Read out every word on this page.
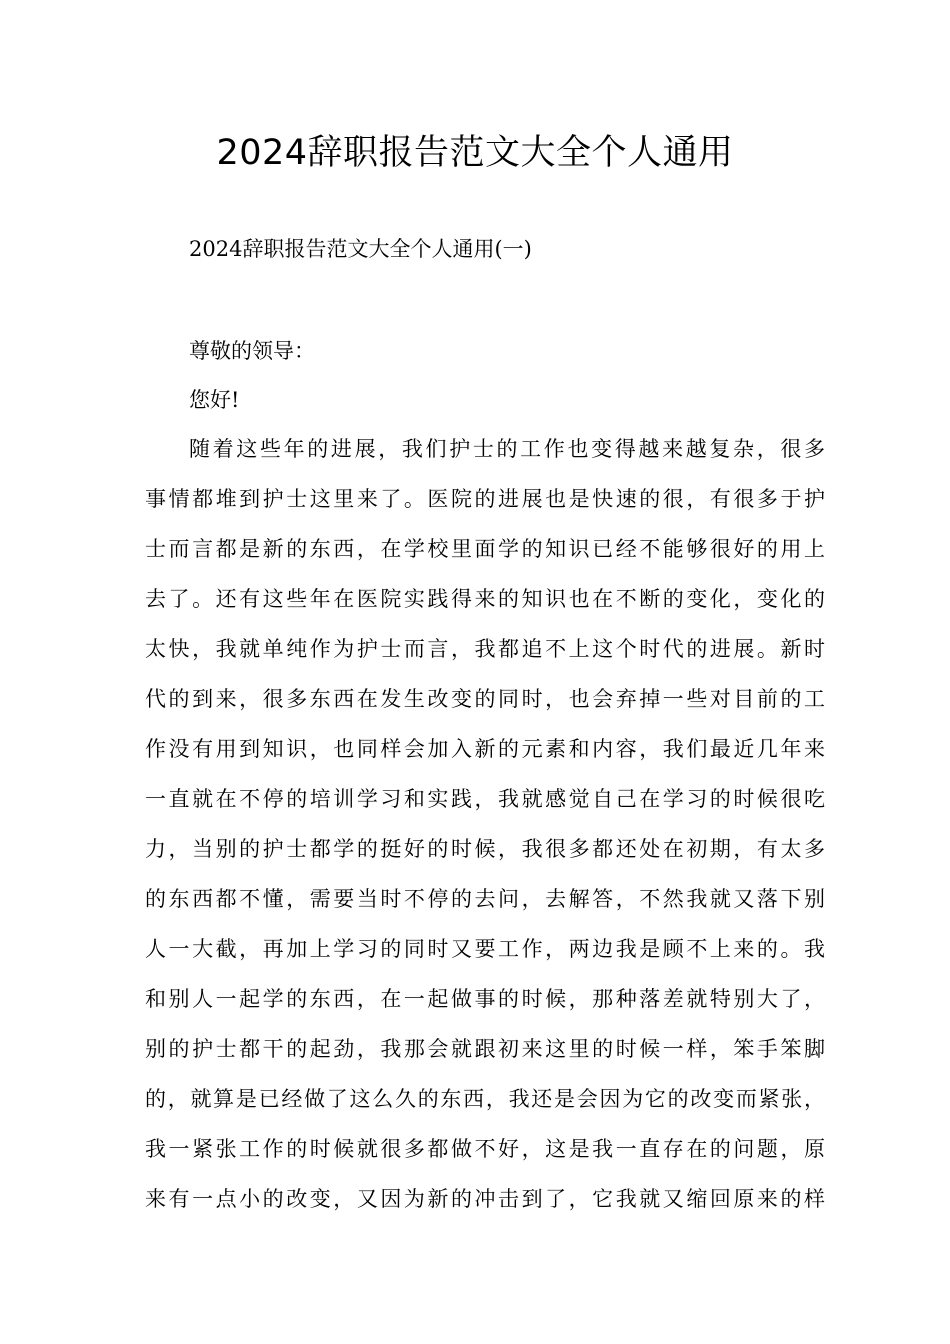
2024辞职报告范文大全个人通用

2024辞职报告范文大全个人通用(一)

尊敬的领导：

您好!

随着这些年的进展，我们护士的工作也变得越来越复杂，很多

事情都堆到护士这里来了。医院的进展也是快速的很，有很多于护

士而言都是新的东西，在学校里面学的知识已经不能够很好的用上

去了。还有这些年在医院实践得来的知识也在不断的变化，变化的

太快，我就单纯作为护士而言，我都追不上这个时代的进展。新时

代的到来，很多东西在发生改变的同时，也会弃掉一些对目前的工

作没有用到知识，也同样会加入新的元素和内容，我们最近几年来

一直就在不停的培训学习和实践，我就感觉自己在学习的时候很吃

力，当别的护士都学的挺好的时候，我很多都还处在初期，有太多

的东西都不懂，需要当时不停的去问，去解答，不然我就又落下别

人一大截，再加上学习的同时又要工作，两边我是顾不上来的。我

和别人一起学的东西，在一起做事的时候，那种落差就特别大了，

别的护士都干的起劲，我那会就跟初来这里的时候一样，笨手笨脚

的，就算是已经做了这么久的东西，我还是会因为它的改变而紧张，

我一紧张工作的时候就很多都做不好，这是我一直存在的问题，原

来有一点小的改变，又因为新的冲击到了，它我就又缩回原来的样
